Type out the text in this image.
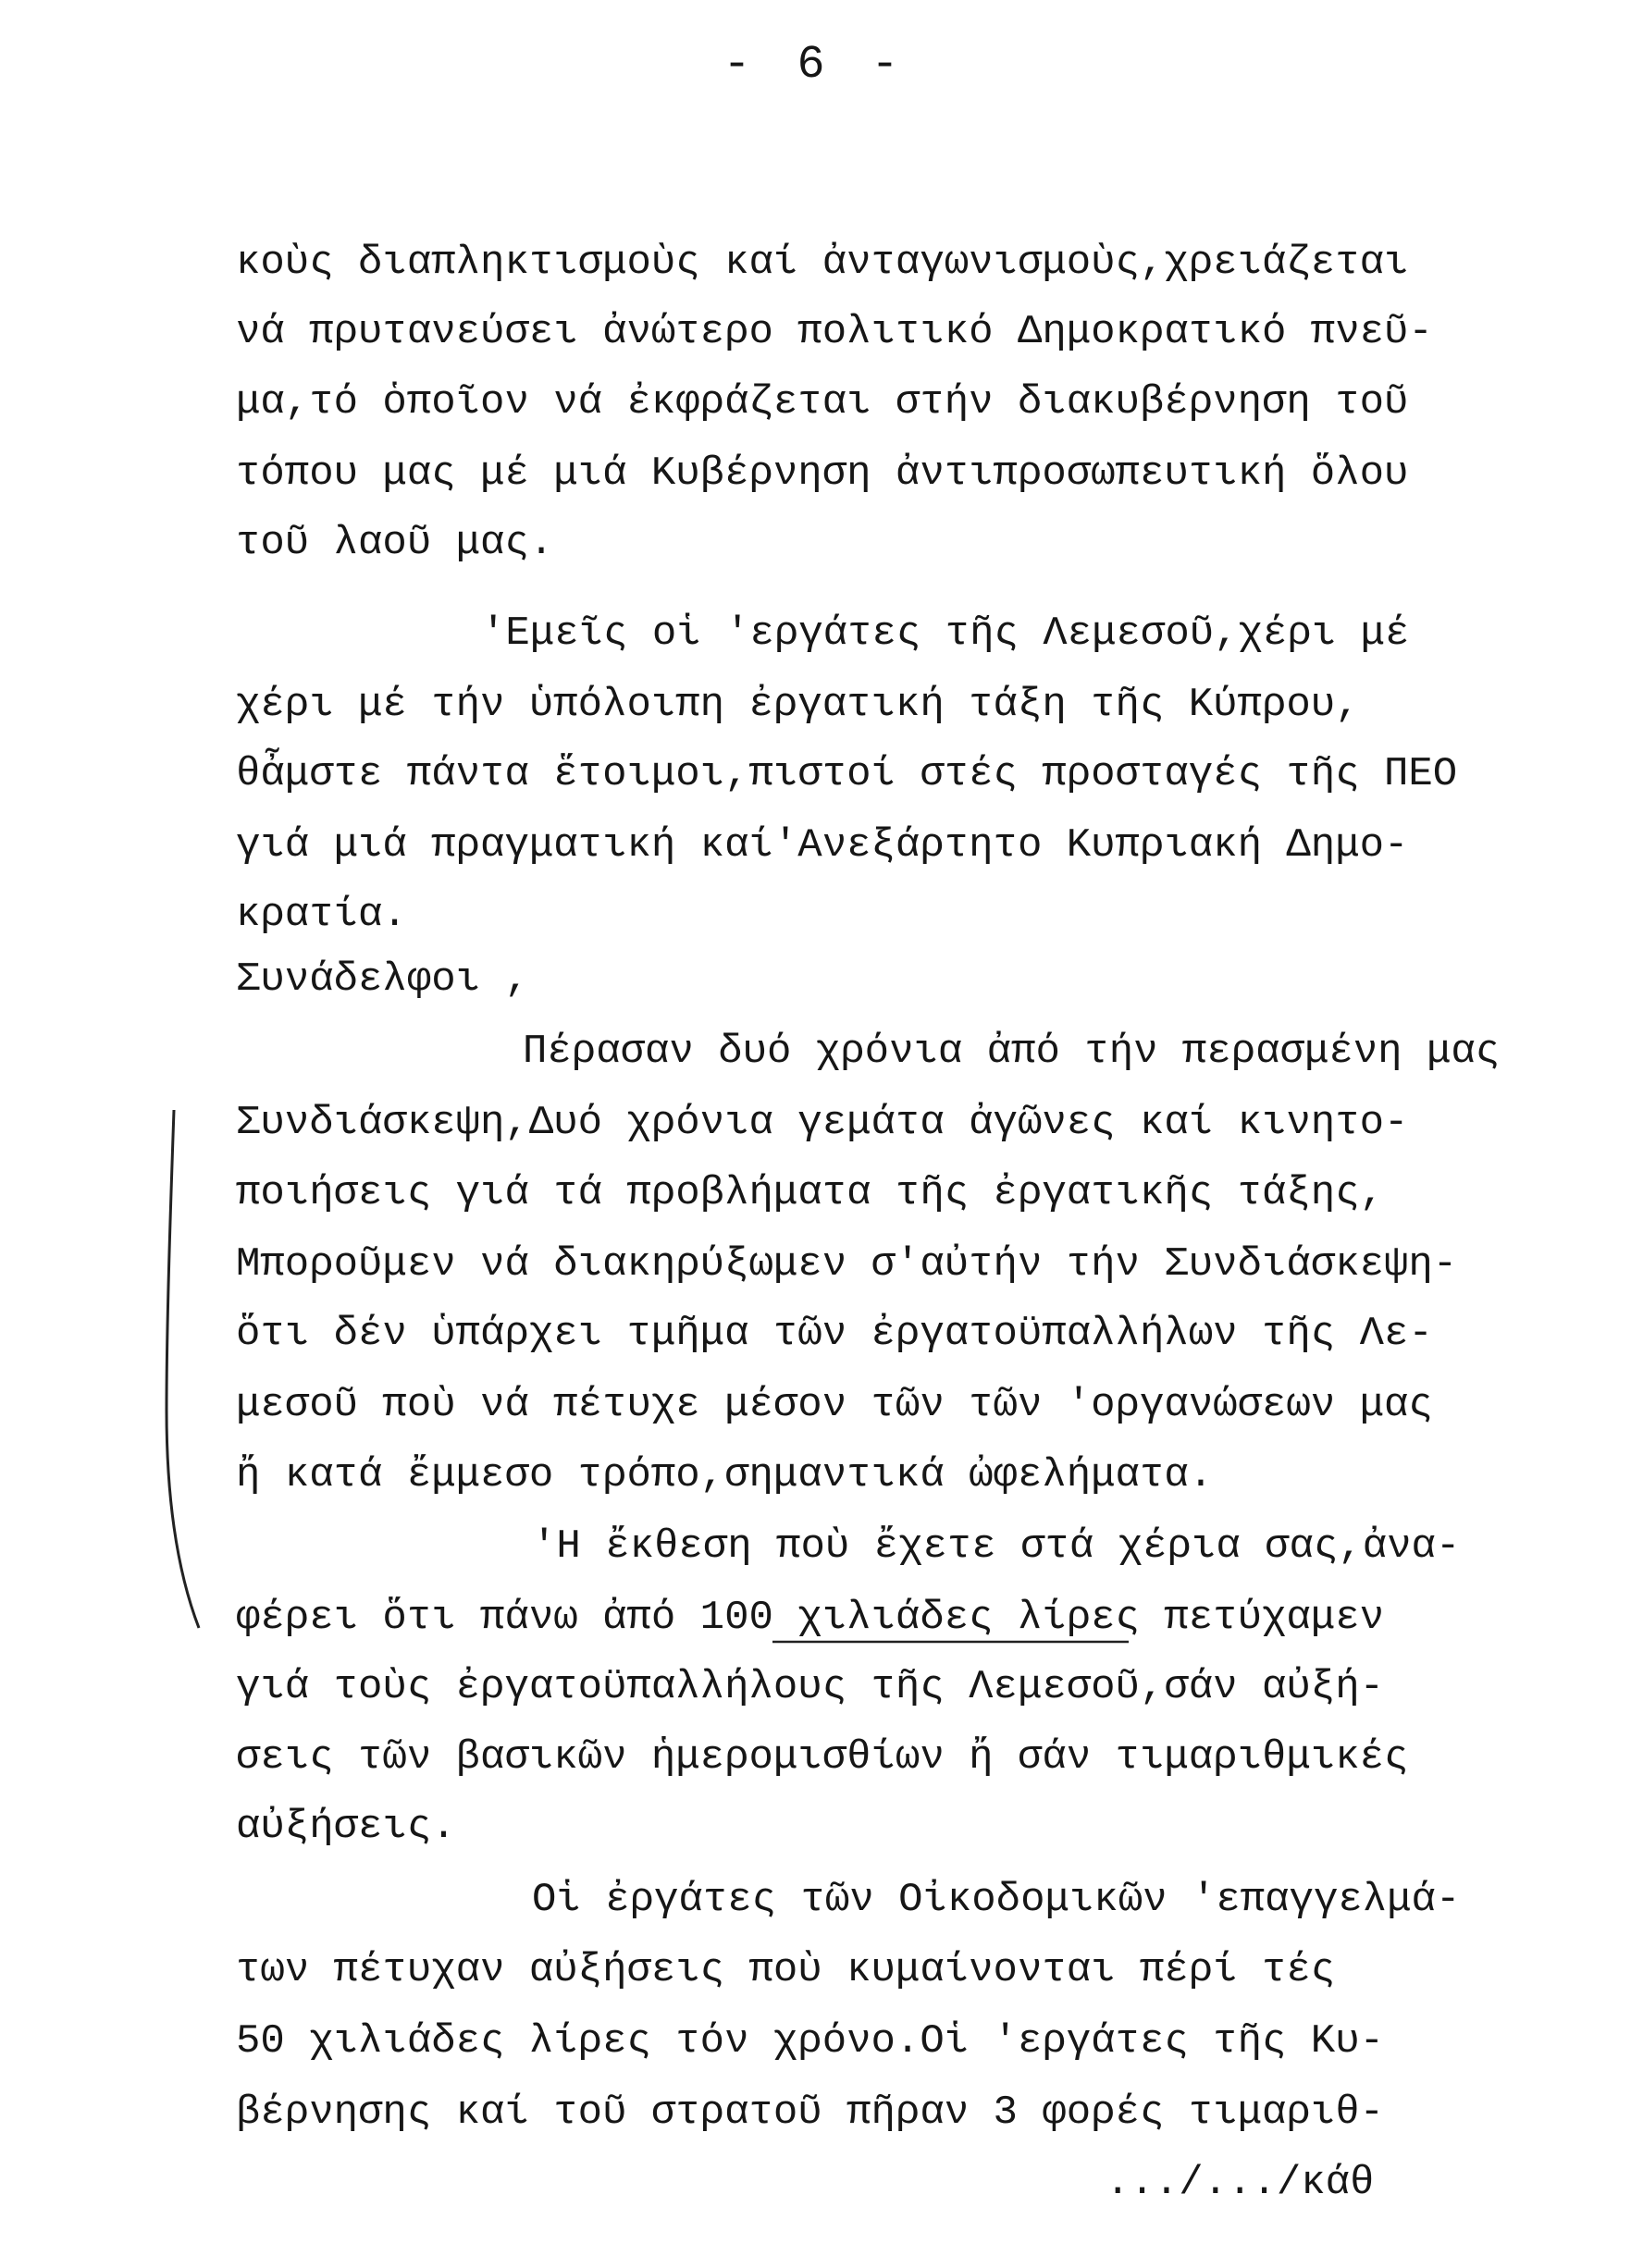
- 6 -
κοὺς διαπληκτισμοὺς καί ἀνταγωνισμοὺς,χρειάζεται
νά πρυτανεύσει ἀνώτερο πολιτικό Δημοκρατικό πνεῦ-
μα,τό ὁποῖον νά ἐκφράζεται στήν διακυβέρνηση τοῦ
τόπου μας μέ μιά Κυβέρνηση ἀντιπροσωπευτική ὅλου
τοῦ λαοῦ μας.
'Εμεῖς οἱ 'εργάτες τῆς Λεμεσοῦ,χέρι μέ
χέρι μέ τήν ὑπόλοιπη ἐργατική τάξη τῆς Κύπρου,
θἆμστε πάντα ἕτοιμοι,πιστοί στές προσταγές τῆς ΠΕΟ
γιά μιά πραγματική καί'Ανεξάρτητο Κυπριακή Δημο-
κρατία.
Συνάδελφοι ,
Πέρασαν δυό χρόνια ἀπό τήν περασμένη μας
Συνδιάσκεψη,Δυό χρόνια γεμάτα ἀγῶνες καί κινητο-
ποιήσεις γιά τά προβλήματα τῆς ἐργατικῆς τάξης,
Μποροῦμεν νά διακηρύξωμεν σ'αὐτήν τήν Συνδιάσκεψη-
ὅτι δέν ὑπάρχει τμῆμα τῶν ἐργατοϋπαλλήλων τῆς Λε-
μεσοῦ ποὺ νά πέτυχε μέσον τῶν τῶν 'οργανώσεων μας
ἤ κατά ἔμμεσο τρόπο,σημαντικά ὠφελήματα.
'Η ἔκθεση ποὺ ἔχετε στά χέρια σας,ἀνα-
φέρει ὅτι πάνω ἀπό 100 χιλιάδες λίρες πετύχαμεν
γιά τοὺς ἐργατοϋπαλλήλους τῆς Λεμεσοῦ,σάν αὐξή-
σεις τῶν βασικῶν ἡμερομισθίων ἤ σάν τιμαριθμικές
αὐξήσεις.
Οἱ ἐργάτες τῶν Οἰκοδομικῶν 'επαγγελμά-
των πέτυχαν αὐξήσεις ποὺ κυμαίνονται πέρί τές
50 χιλιάδες λίρες τόν χρόνο.Οἱ 'εργάτες τῆς Κυ-
βέρνησης καί τοῦ στρατοῦ πῆραν 3 φορές τιμαριθ-
.../.../κάθ
